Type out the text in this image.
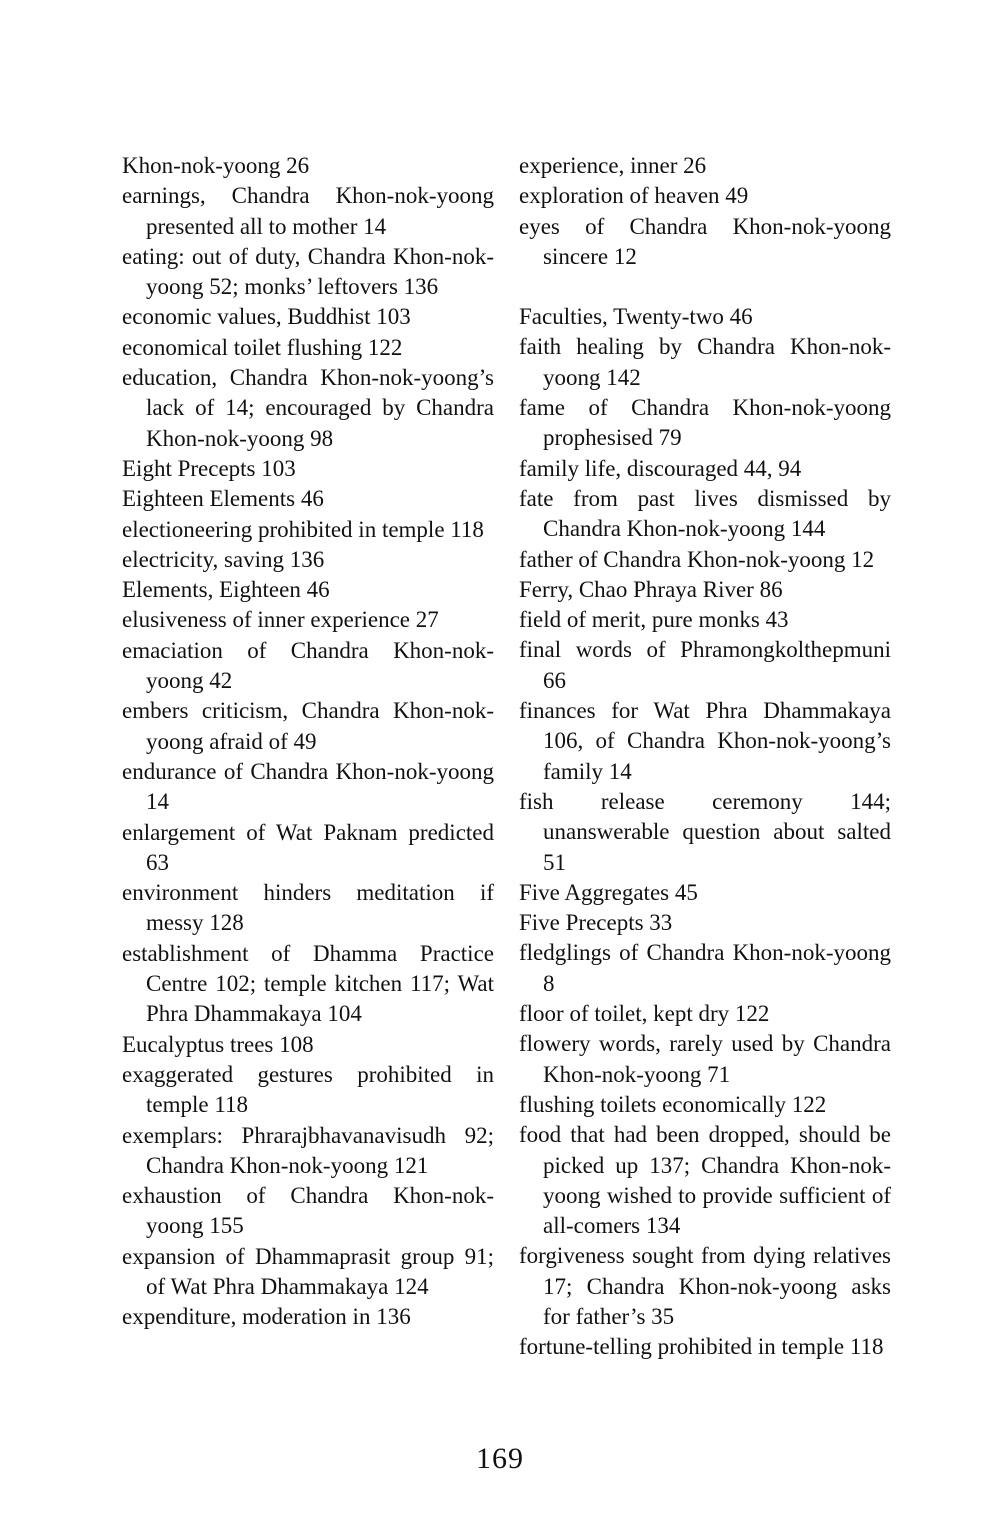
Khon-nok-yoong 26
earnings, Chandra Khon-nok-yoong presented all to mother 14
eating: out of duty, Chandra Khon-nok-yoong 52; monks’ leftovers 136
economic values, Buddhist 103
economical toilet flushing 122
education, Chandra Khon-nok-yoong’s lack of 14; encouraged by Chandra Khon-nok-yoong 98
Eight Precepts 103
Eighteen Elements 46
electioneering prohibited in temple 118
electricity, saving 136
Elements, Eighteen 46
elusiveness of inner experience 27
emaciation of Chandra Khon-nok-yoong 42
embers criticism, Chandra Khon-nok-yoong afraid of 49
endurance of Chandra Khon-nok-yoong 14
enlargement of Wat Paknam predicted 63
environment hinders meditation if messy 128
establishment of Dhamma Practice Centre 102; temple kitchen 117; Wat Phra Dhammakaya 104
Eucalyptus trees 108
exaggerated gestures prohibited in temple 118
exemplars: Phrarajbhavanavisudh 92; Chandra Khon-nok-yoong 121
exhaustion of Chandra Khon-nok-yoong 155
expansion of Dhammaprasit group 91; of Wat Phra Dhammakaya 124
expenditure, moderation in 136
experience, inner 26
exploration of heaven 49
eyes of Chandra Khon-nok-yoong sincere 12
Faculties, Twenty-two 46
faith healing by Chandra Khon-nok-yoong 142
fame of Chandra Khon-nok-yoong prophesised 79
family life, discouraged 44, 94
fate from past lives dismissed by Chandra Khon-nok-yoong 144
father of Chandra Khon-nok-yoong 12
Ferry, Chao Phraya River 86
field of merit, pure monks 43
final words of Phramongkolthepmuni 66
finances for Wat Phra Dhammakaya 106, of Chandra Khon-nok-yoong’s family 14
fish release ceremony 144; unanswerable question about salted 51
Five Aggregates 45
Five Precepts 33
fledglings of Chandra Khon-nok-yoong 8
floor of toilet, kept dry 122
flowery words, rarely used by Chandra Khon-nok-yoong 71
flushing toilets economically 122
food that had been dropped, should be picked up 137; Chandra Khon-nok-yoong wished to provide sufficient of all-comers 134
forgiveness sought from dying relatives 17; Chandra Khon-nok-yoong asks for father’s 35
fortune-telling prohibited in temple 118
169
